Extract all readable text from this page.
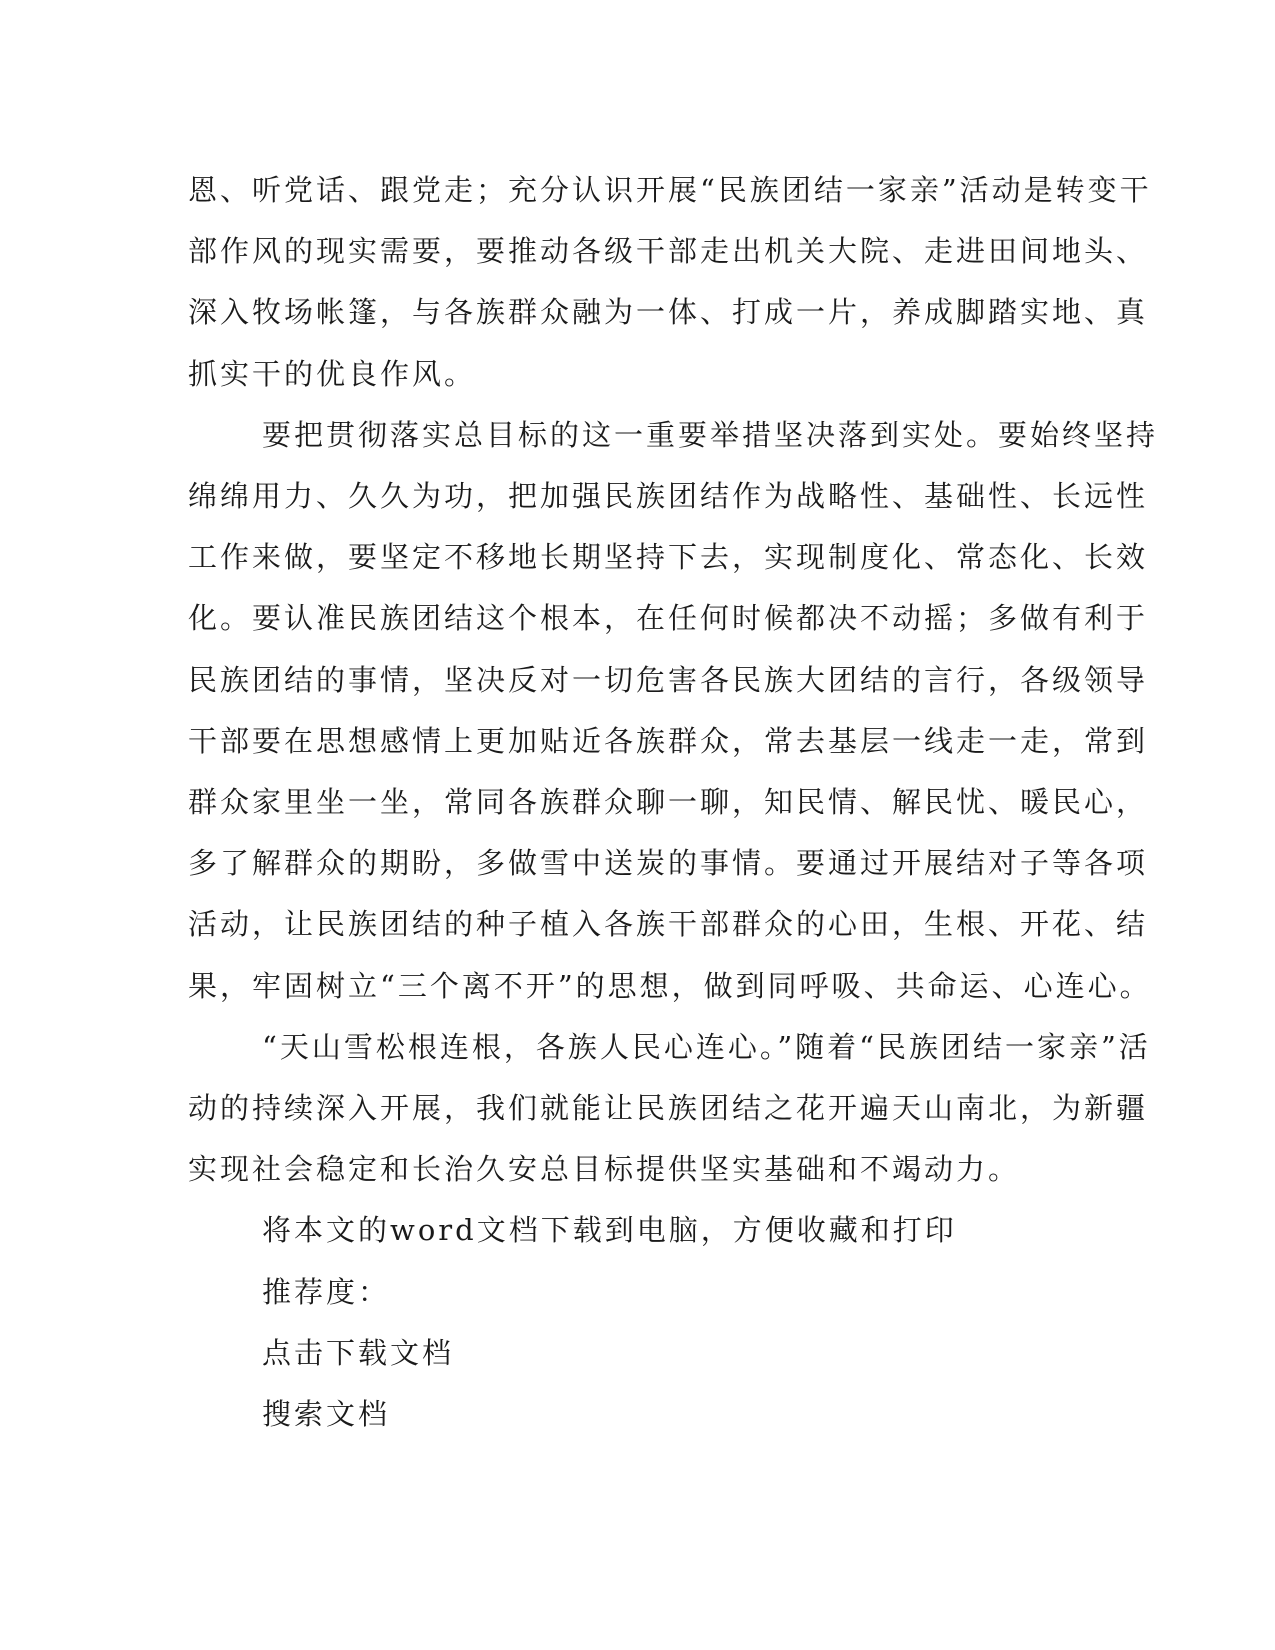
恩、听党话、跟党走；充分认识开展“民族团结一家亲”活动是转变干
部作风的现实需要，要推动各级干部走出机关大院、走进田间地头、
深入牧场帐篷，与各族群众融为一体、打成一片，养成脚踏实地、真
抓实干的优良作风。

要把贯彻落实总目标的这一重要举措坚决落到实处。要始终坚持
绵绵用力、久久为功，把加强民族团结作为战略性、基础性、长远性
工作来做，要坚定不移地长期坚持下去，实现制度化、常态化、长效
化。要认准民族团结这个根本，在任何时候都决不动摇；多做有利于
民族团结的事情，坚决反对一切危害各民族大团结的言行，各级领导
干部要在思想感情上更加贴近各族群众，常去基层一线走一走，常到
群众家里坐一坐，常同各族群众聊一聊，知民情、解民忧、暖民心，
多了解群众的期盼，多做雪中送炭的事情。要通过开展结对子等各项
活动，让民族团结的种子植入各族干部群众的心田，生根、开花、结
果，牢固树立“三个离不开”的思想，做到同呼吸、共命运、心连心。

“天山雪松根连根，各族人民心连心。”随着“民族团结一家亲”活
动的持续深入开展，我们就能让民族团结之花开遍天山南北，为新疆
实现社会稳定和长治久安总目标提供坚实基础和不竭动力。

将本文的word文档下载到电脑，方便收藏和打印
推荐度：
点击下载文档
搜索文档
